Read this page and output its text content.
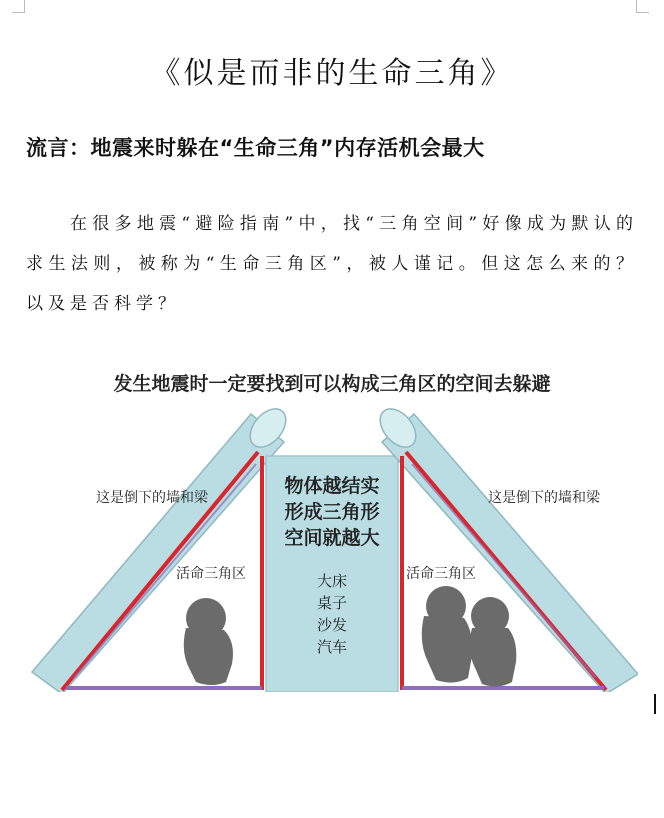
《似是而非的生命三角》
流言：地震来时躲在“生命三角”内存活机会最大
在很多地震“避险指南”中，找“三角空间”好像成为默认的求生法则，被称为“生命三角区”，被人谨记。但这怎么来的？以及是否科学？
发生地震时一定要找到可以构成三角区的空间去躲避
这是倒下的墙和梁	这是倒下的墙和梁
活命三角区	活命三角区
物体越结实
形成三角形
空间就越大
大床
桌子
沙发
汽车
